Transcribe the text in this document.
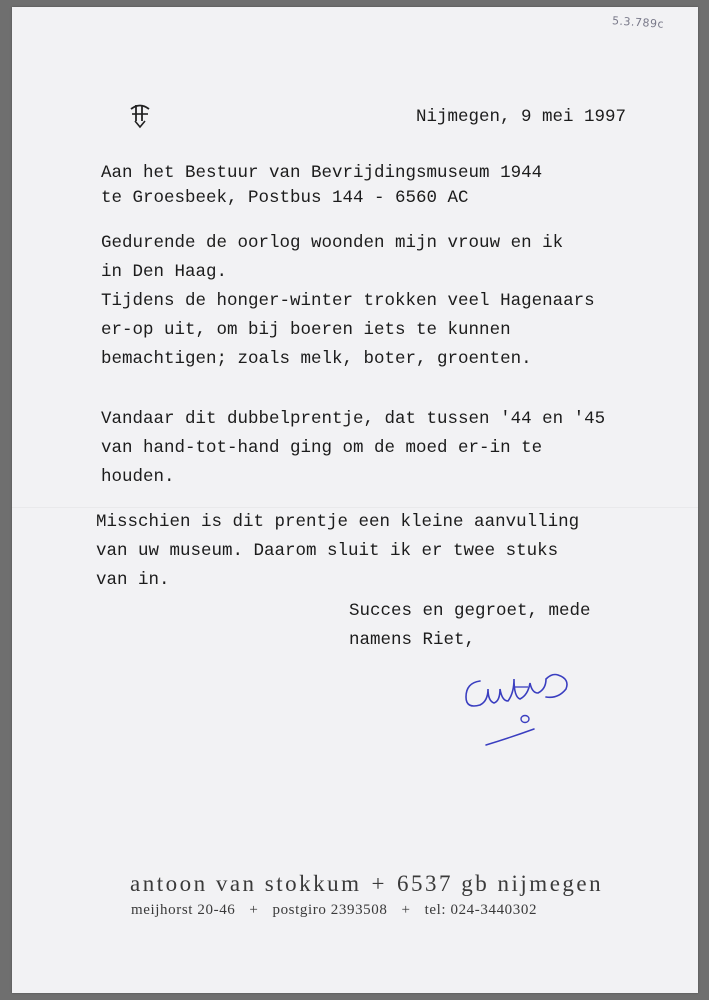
5.3.789c
Nijmegen, 9 mei 1997
Aan het Bestuur van Bevrijdingsmuseum 1944
te Groesbeek, Postbus 144 - 6560 AC
Gedurende de oorlog woonden mijn vrouw en ik
in Den Haag.
Tijdens de honger-winter trokken veel Hagenaars
er-op uit, om bij boeren iets te kunnen
bemachtigen; zoals melk, boter, groenten.
Vandaar dit dubbelprentje, dat tussen '44 en '45
van hand-tot-hand ging om de moed er-in te
houden.
Misschien is dit prentje een kleine aanvulling
van uw museum. Daarom sluit ik er twee stuks
van in.
Succes en gegroet, mede
namens Riet,
antoon van stokkum + 6537 gb nijmegen
meijhorst 20-46 + postgiro 2393508 + tel: 024-3440302
